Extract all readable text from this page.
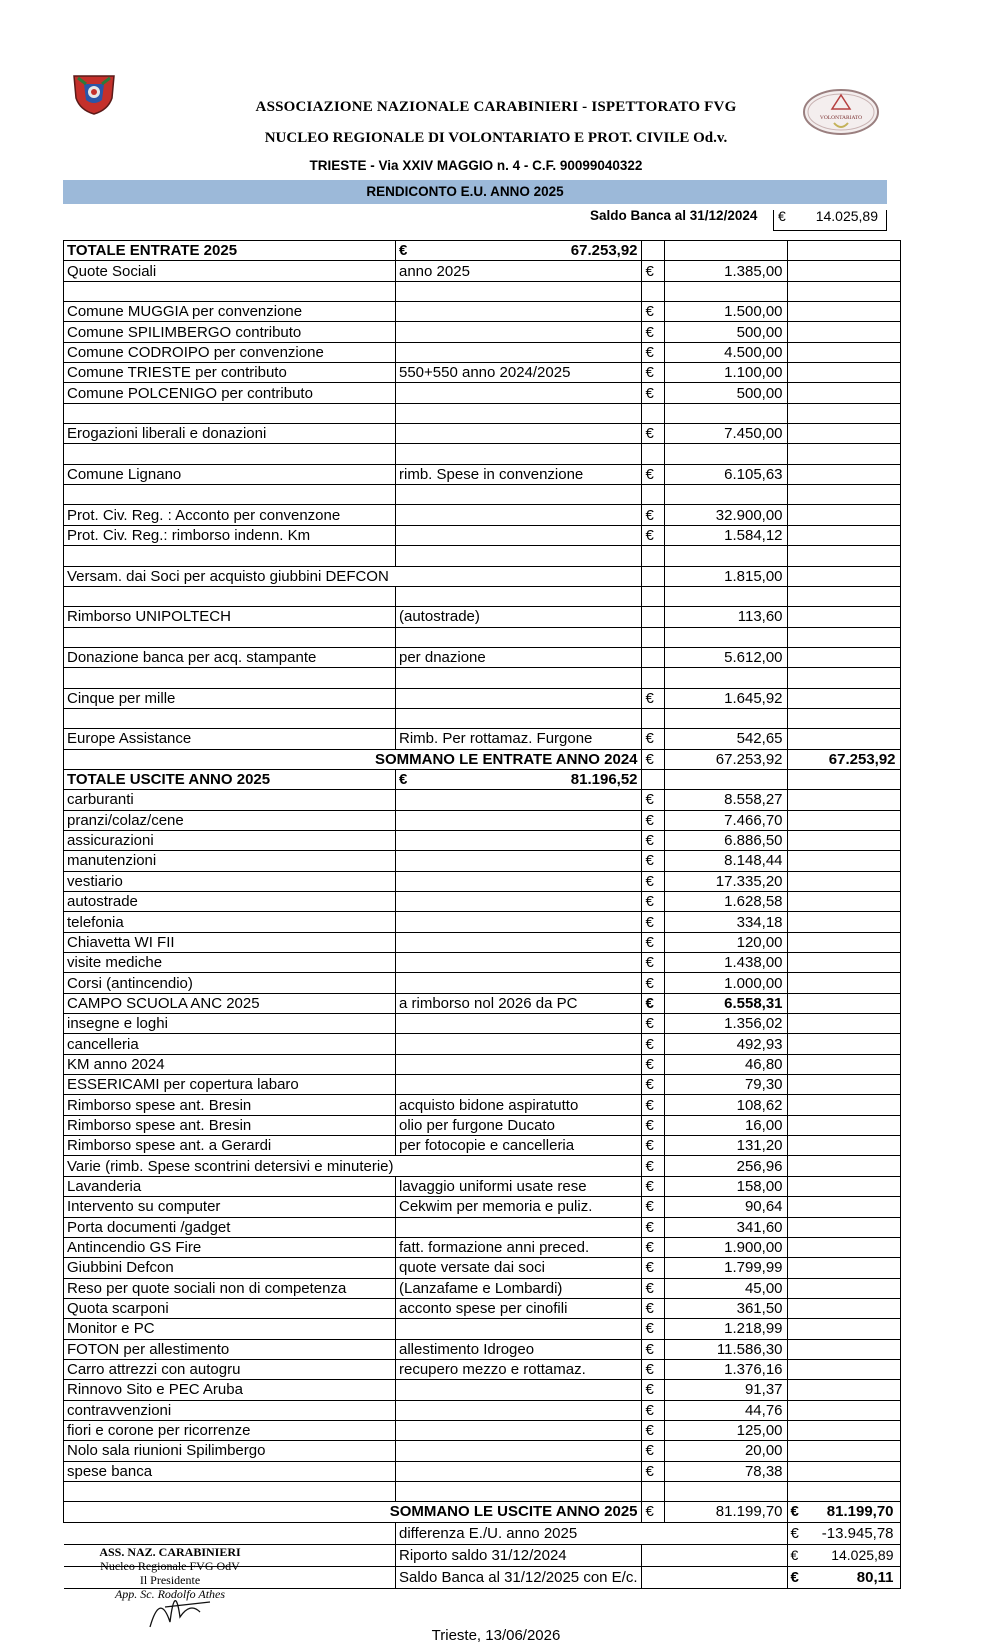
VOLONTARIATO
ASSOCIAZIONE NAZIONALE CARABINIERI - ISPETTORATO FVG
NUCLEO REGIONALE DI VOLONTARIATO E PROT. CIVILE Od.v.
TRIESTE - Via XXIV MAGGIO n. 4 - C.F. 90099040322
RENDICONTO E.U. ANNO 2025
Saldo Banca al 31/12/2024 € 14.025,89
TOTALE ENTRATE 2025	€ 67.253,92			

Quote Sociali	anno 2025	€	1.385,00	

Comune MUGGIA per convenzione		€	1.500,00	
Comune SPILIMBERGO contributo		€	500,00	
Comune CODROIPO per convenzione		€	4.500,00	
Comune TRIESTE per contributo	550+550 anno 2024/2025	€	1.100,00	
Comune POLCENIGO per contributo		€	500,00	

Erogazioni liberali e donazioni		€	7.450,00	

Comune Lignano	rimb. Spese in convenzione	€	6.105,63	

Prot. Civ. Reg. : Acconto per convenzone		€	32.900,00	
Prot. Civ. Reg.: rimborso indenn. Km		€	1.584,12	

Versam. dai Soci per acquisto giubbini DEFCON			1.815,00	

Rimborso UNIPOLTECH	(autostrade)		113,60	

Donazione banca per acq. stampante	per dnazione		5.612,00	

Cinque per mille		€	1.645,92	

Europe Assistance	Rimb. Per rottamaz. Furgone	€	542,65	
SOMMANO LE ENTRATE ANNO 2024		€	67.253,92	67.253,92
TOTALE USCITE ANNO 2025	€ 81.196,52			

carburanti		€	8.558,27	
pranzi/colaz/cene		€	7.466,70	
assicurazioni		€	6.886,50	
manutenzioni		€	8.148,44	
vestiario		€	17.335,20	
autostrade		€	1.628,58	
telefonia		€	334,18	
Chiavetta WI FII		€	120,00	
visite mediche		€	1.438,00	
Corsi (antincendio)		€	1.000,00	
CAMPO SCUOLA ANC 2025	a rimborso nol 2026 da PC	€	6.558,31	
insegne e loghi		€	1.356,02	
cancelleria		€	492,93	
KM anno 2024		€	46,80	
ESSERICAMI per copertura labaro		€	79,30	
Rimborso spese ant. Bresin	acquisto bidone aspiratutto	€	108,62	
Rimborso spese ant. Bresin	olio per furgone Ducato	€	16,00	
Rimborso spese ant. a Gerardi	per fotocopie e cancelleria	€	131,20	
Varie (rimb. Spese scontrini detersivi e minuterie)		€	256,96	
Lavanderia	lavaggio uniformi usate rese	€	158,00	
Intervento su computer	Cekwim per memoria e puliz.	€	90,64	
Porta documenti /gadget		€	341,60	
Antincendio GS Fire	fatt. formazione anni preced.	€	1.900,00	
Giubbini Defcon	quote versate dai soci	€	1.799,99	
Reso per quote sociali non di competenza	(Lanzafame e Lombardi)	€	45,00	
Quota scarponi	acconto spese per cinofili	€	361,50	
Monitor e PC		€	1.218,99	
FOTON per allestimento	allestimento Idrogeo	€	11.586,30	
Carro attrezzi con autogru	recupero mezzo e rottamaz.	€	1.376,16	
Rinnovo Sito e PEC Aruba		€	91,37	
contravvenzioni		€	44,76	
fiori e corone per ricorrenze		€	125,00	
Nolo sala riunioni Spilimbergo		€	20,00	
spese banca		€	78,38	

SOMMANO LE USCITE ANNO 2025		€	81.199,70	€ 81.199,70

	differenza E./U. anno 2025			€ -13.945,78

	Riporto saldo 31/12/2024			€ 14.025,89

	Saldo Banca al 31/12/2025 con E/c.			€ 80,11
ASS. NAZ. CARABINIERI
Nucleo Regionale FVG OdV
Il Presidente
App. Sc. Rodolfo Athes
Trieste, 13/06/2026
